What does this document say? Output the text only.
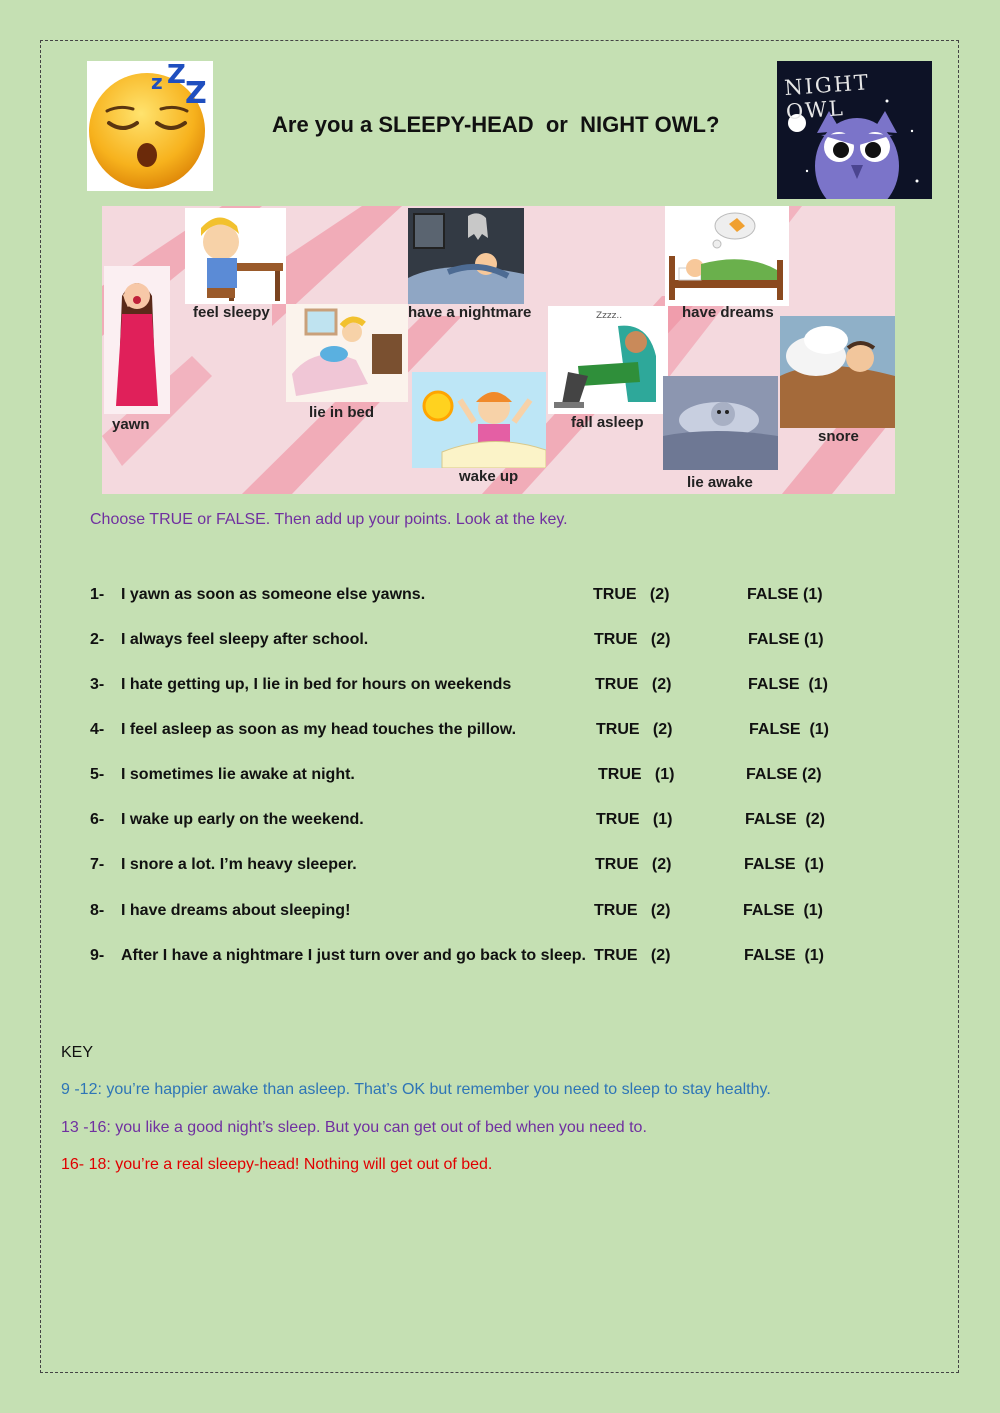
z Z
Z
Are you a SLEEPY-HEAD  or  NIGHT OWL?
NIGHT OWL
feel sleepy	have a nightmare	have dreams
yawn
lie in bed
Zzzz..
fall asleep
snore
wake up	lie awake
Choose TRUE or FALSE. Then add up your points. Look at the key.
1- I yawn as soon as someone else yawns.	TRUE   (2)	FALSE (1)
2- I always feel sleepy after school.	TRUE   (2)	FALSE (1)
3- I hate getting up, I lie in bed for hours on weekends	TRUE   (2)	FALSE  (1)
4- I feel asleep as soon as my head touches the pillow.	TRUE   (2)	FALSE  (1)
5- I sometimes lie awake at night.	TRUE   (1)	FALSE (2)
6- I wake up early on the weekend.	TRUE   (1)	FALSE  (2)
7- I snore a lot. I’m heavy sleeper.	TRUE   (2)	FALSE  (1)
8- I have dreams about sleeping!	TRUE   (2)	FALSE  (1)
9- After I have a nightmare I just turn over and go back to sleep. TRUE   (2)	FALSE  (1)
KEY
9 -12: you’re happier awake than asleep. That’s OK but remember you need to sleep to stay healthy.
13 -16: you like a good night’s sleep. But you can get out of bed when you need to.
16- 18: you’re a real sleepy-head! Nothing will get out of bed.
